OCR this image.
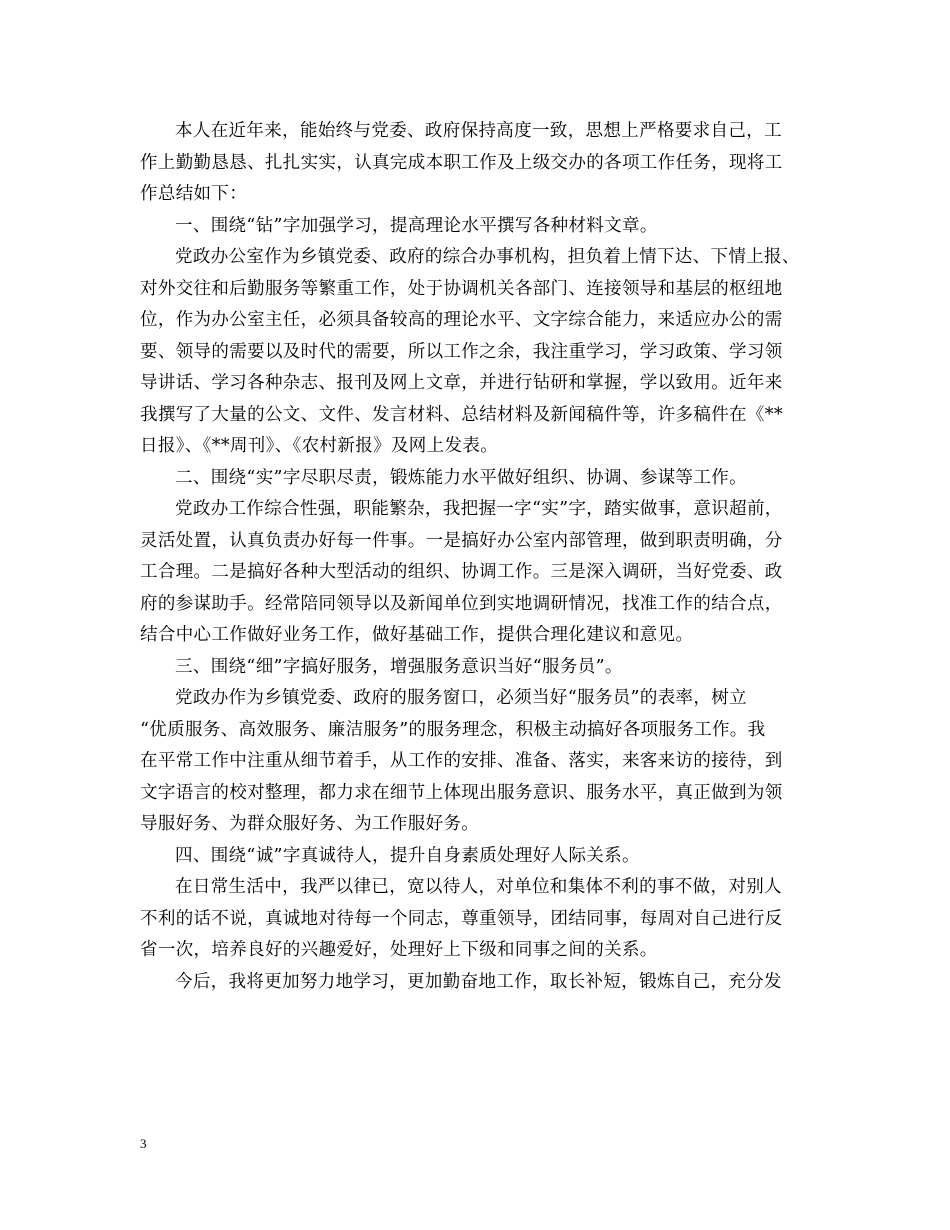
本人在近年来，能始终与党委、政府保持高度一致，思想上严格要求自己，工
作上勤勤恳恳、扎扎实实，认真完成本职工作及上级交办的各项工作任务，现将工
作总结如下：

一、围绕“钻”字加强学习，提高理论水平撰写各种材料文章。

党政办公室作为乡镇党委、政府的综合办事机构，担负着上情下达、下情上报、
对外交往和后勤服务等繁重工作，处于协调机关各部门、连接领导和基层的枢纽地
位，作为办公室主任，必须具备较高的理论水平、文字综合能力，来适应办公的需
要、领导的需要以及时代的需要，所以工作之余，我注重学习，学习政策、学习领
导讲话、学习各种杂志、报刊及网上文章，并进行钻研和掌握，学以致用。近年来
我撰写了大量的公文、文件、发言材料、总结材料及新闻稿件等，许多稿件在《**
日报》、《**周刊》、《农村新报》及网上发表。

二、围绕“实”字尽职尽责，锻炼能力水平做好组织、协调、参谋等工作。

党政办工作综合性强，职能繁杂，我把握一字“实”字，踏实做事，意识超前，
灵活处置，认真负责办好每一件事。一是搞好办公室内部管理，做到职责明确，分
工合理。二是搞好各种大型活动的组织、协调工作。三是深入调研，当好党委、政
府的参谋助手。经常陪同领导以及新闻单位到实地调研情况，找准工作的结合点，
结合中心工作做好业务工作，做好基础工作，提供合理化建议和意见。

三、围绕“细”字搞好服务，增强服务意识当好“服务员”。

党政办作为乡镇党委、政府的服务窗口，必须当好“服务员”的表率，树立
“优质服务、高效服务、廉洁服务”的服务理念，积极主动搞好各项服务工作。我
在平常工作中注重从细节着手，从工作的安排、准备、落实，来客来访的接待，到
文字语言的校对整理，都力求在细节上体现出服务意识、服务水平，真正做到为领
导服好务、为群众服好务、为工作服好务。

四、围绕“诚”字真诚待人，提升自身素质处理好人际关系。

在日常生活中，我严以律已，宽以待人，对单位和集体不利的事不做，对别人
不利的话不说，真诚地对待每一个同志，尊重领导，团结同事，每周对自己进行反
省一次，培养良好的兴趣爱好，处理好上下级和同事之间的关系。

今后，我将更加努力地学习，更加勤奋地工作，取长补短，锻炼自己，充分发

3
